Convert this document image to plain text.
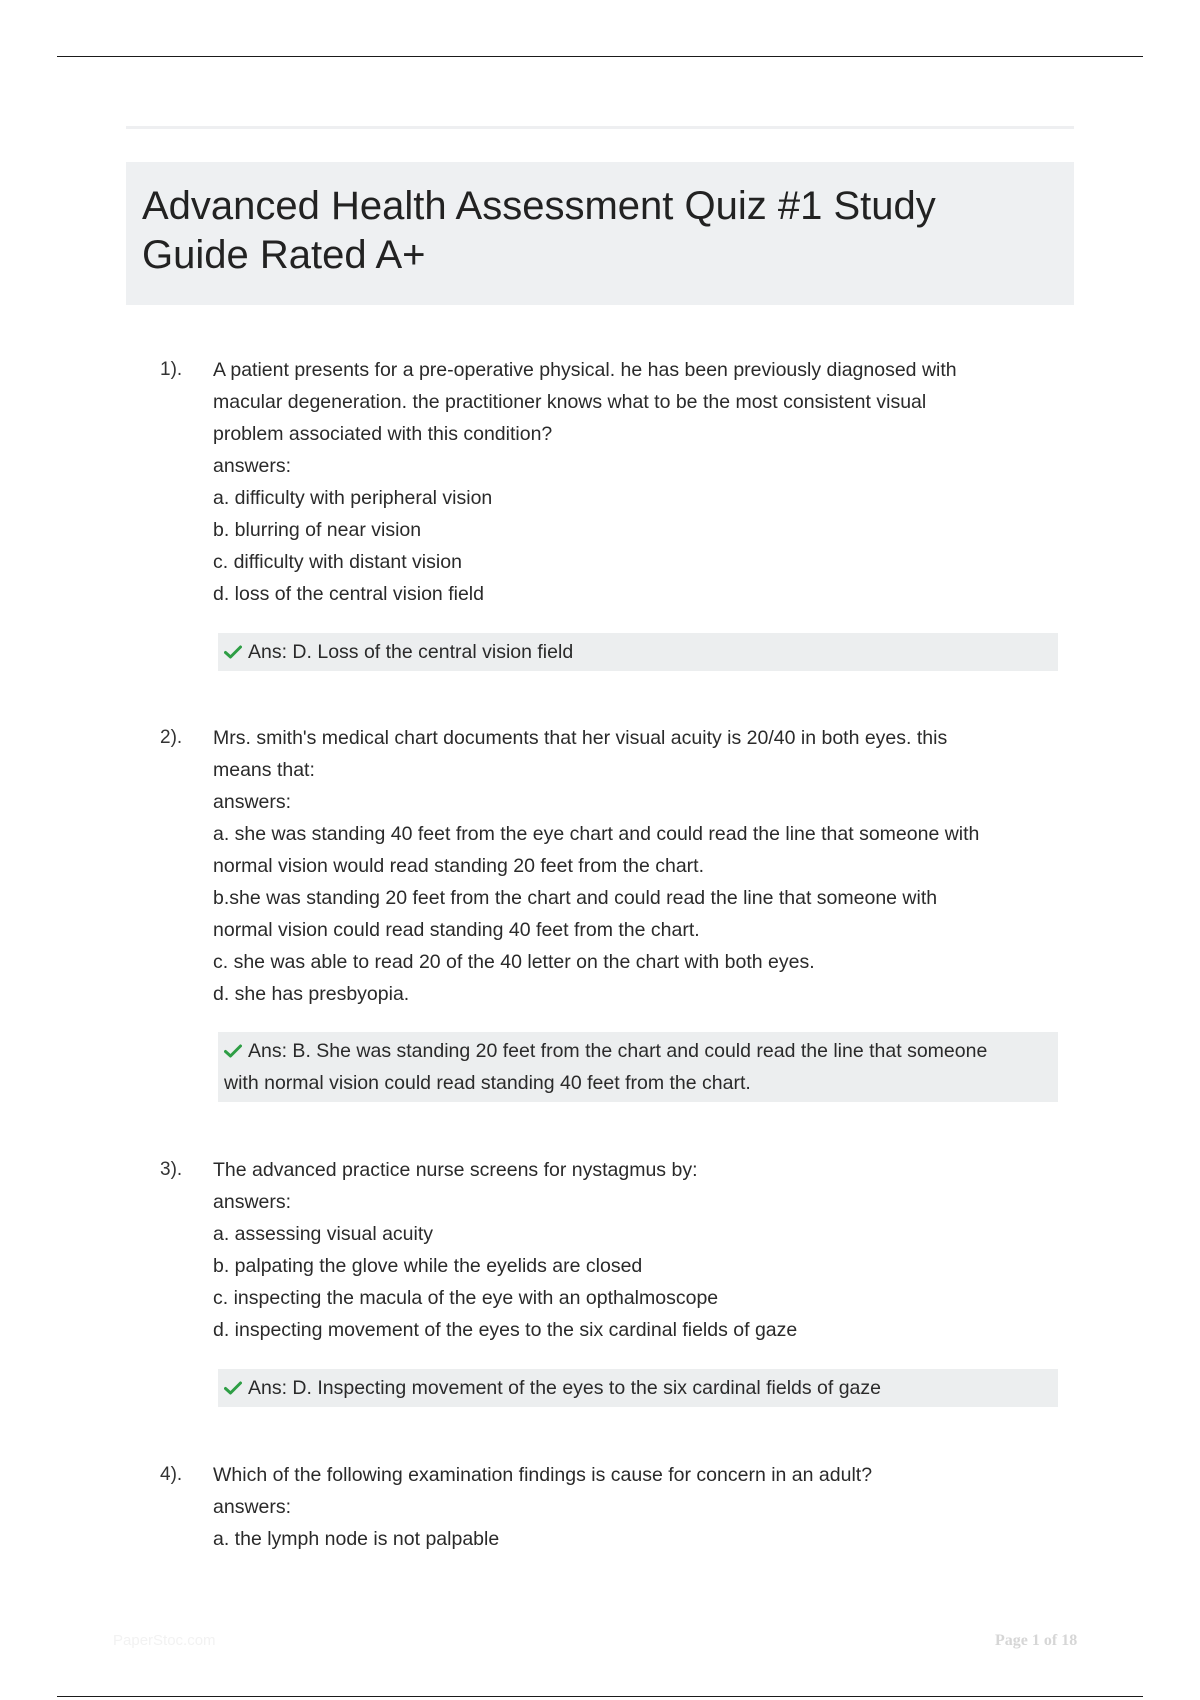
Advanced Health Assessment Quiz #1 Study
Guide Rated A+
1). A patient presents for a pre-operative physical. he has been previously diagnosed with
macular degeneration. the practitioner knows what to be the most consistent visual
problem associated with this condition?
answers:
a. difficulty with peripheral vision
b. blurring of near vision
c. difficulty with distant vision
d. loss of the central vision field
Ans: D. Loss of the central vision field
2). Mrs. smith's medical chart documents that her visual acuity is 20/40 in both eyes. this
means that:
answers:
a. she was standing 40 feet from the eye chart and could read the line that someone with
normal vision would read standing 20 feet from the chart.
b.she was standing 20 feet from the chart and could read the line that someone with
normal vision could read standing 40 feet from the chart.
c. she was able to read 20 of the 40 letter on the chart with both eyes.
d. she has presbyopia.
Ans: B. She was standing 20 feet from the chart and could read the line that someone
with normal vision could read standing 40 feet from the chart.
3). The advanced practice nurse screens for nystagmus by:
answers:
a. assessing visual acuity
b. palpating the glove while the eyelids are closed
c. inspecting the macula of the eye with an opthalmoscope
d. inspecting movement of the eyes to the six cardinal fields of gaze
Ans: D. Inspecting movement of the eyes to the six cardinal fields of gaze
4). Which of the following examination findings is cause for concern in an adult?
answers:
a. the lymph node is not palpable
PaperStoc.com	Page 1 of 18
